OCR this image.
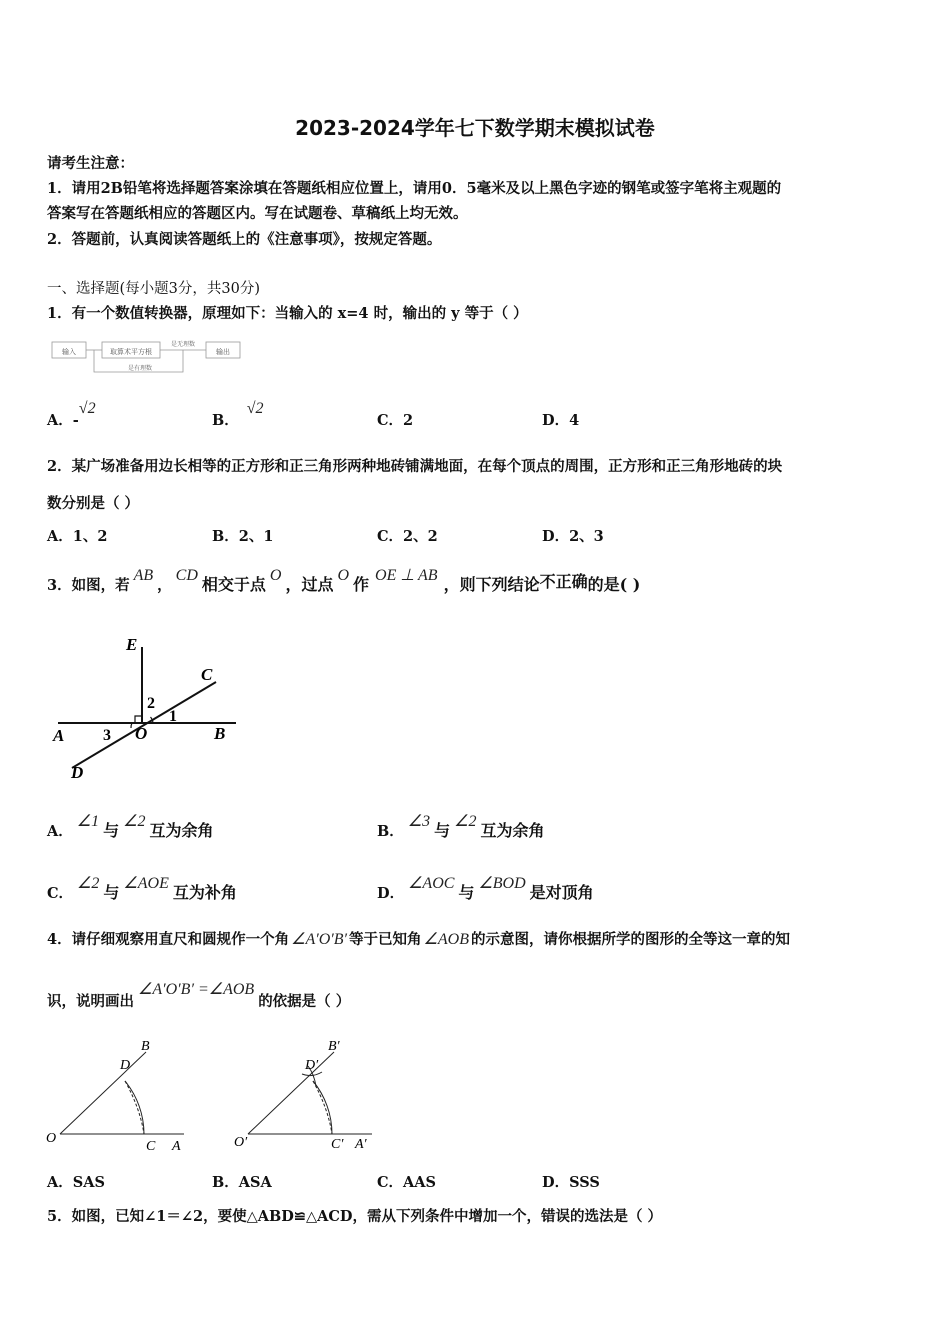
2023-2024学年七下数学期末模拟试卷
请考生注意：
1．请用2B铅笔将选择题答案涂填在答题纸相应位置上，请用0．5毫米及以上黑色字迹的钢笔或签字笔将主观题的
答案写在答题纸相应的答题区内。写在试题卷、草稿纸上均无效。
2．答题前，认真阅读答题纸上的《注意事项》，按规定答题。
一、选择题(每小题3分，共30分)
1．有一个数值转换器，原理如下：当输入的 x=4 时，输出的 y 等于（ ）
输入	取算术平方根
是无理数
输出
是有理数
A．-√2
B．√2
C．2	D．4
2．某广场准备用边长相等的正方形和正三角形两种地砖铺满地面，在每个顶点的周围，正方形和正三角形地砖的块
数分别是（ ）
A．1、2	B．2、1	C．2、2	D．2、3
3．如图，若AB，CD 相交于点 O ，过点 O 作 OE ⊥ AB ，则下列结论不正确的是( )
E
C
2
1
A 3 O	B
D
A．∠1 与 ∠2 互为余角	B．∠3 与 ∠2 互为余角
C．∠2 与 ∠AOE 互为补角	D．∠AOC 与 ∠BOD 是对顶角
4．请仔细观察用直尺和圆规作一个角 ∠A′O′B′ 等于已知角 ∠AOB 的示意图，请你根据所学的图形的全等这一章的知
识，说明画出∠A′O′B′ =∠AOB的依据是（ ）
B
D
O
C A
B′
D′
O′	C′ A′
A．SAS	B．ASA	C．AAS	D．SSS
5．如图，已知∠1＝∠2，要使△ABD≌△ACD，需从下列条件中增加一个，错误的选法是（ ）
